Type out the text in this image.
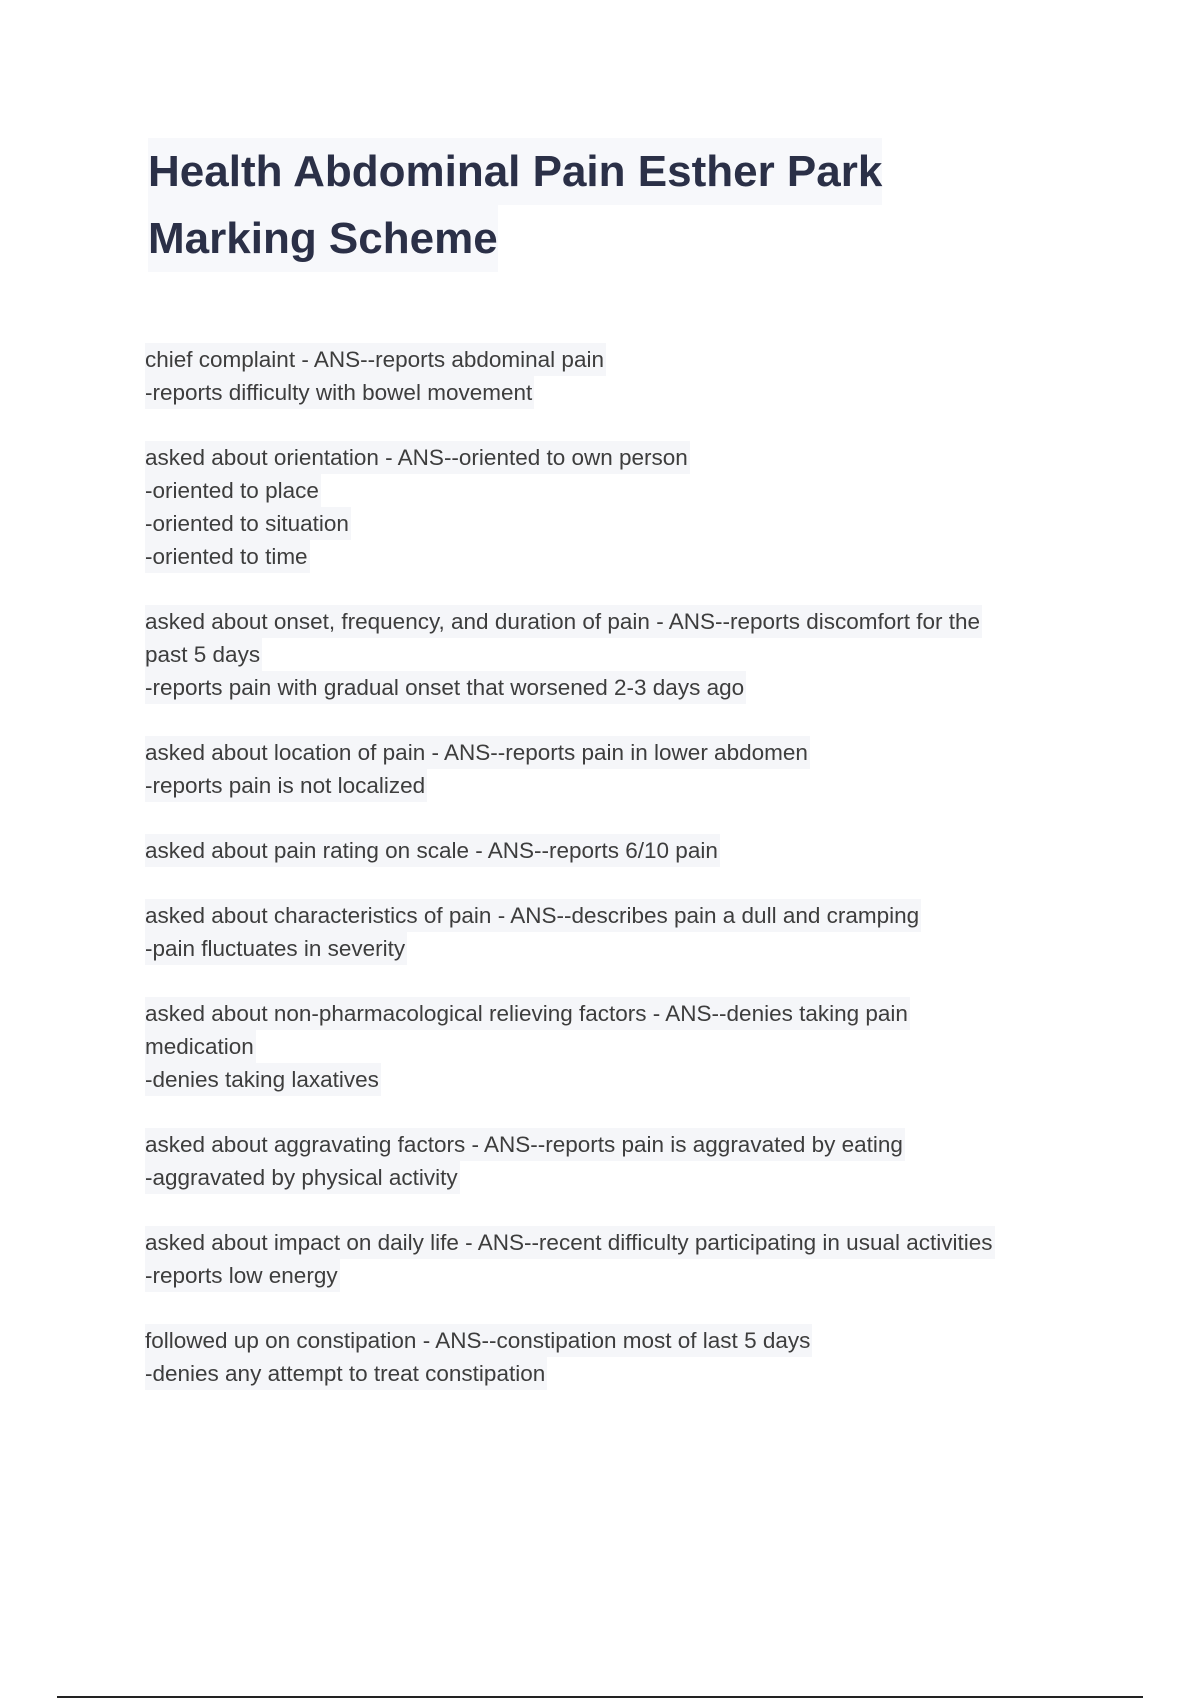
Health Abdominal Pain Esther Park
Marking Scheme
chief complaint - ANS--reports abdominal pain
-reports difficulty with bowel movement
asked about orientation - ANS--oriented to own person
-oriented to place
-oriented to situation
-oriented to time
asked about onset, frequency, and duration of pain - ANS--reports discomfort for the
past 5 days
-reports pain with gradual onset that worsened 2-3 days ago
asked about location of pain - ANS--reports pain in lower abdomen
-reports pain is not localized
asked about pain rating on scale - ANS--reports 6/10 pain
asked about characteristics of pain - ANS--describes pain a dull and cramping
-pain fluctuates in severity
asked about non-pharmacological relieving factors - ANS--denies taking pain
medication
-denies taking laxatives
asked about aggravating factors - ANS--reports pain is aggravated by eating
-aggravated by physical activity
asked about impact on daily life - ANS--recent difficulty participating in usual activities
-reports low energy
followed up on constipation - ANS--constipation most of last 5 days
-denies any attempt to treat constipation
